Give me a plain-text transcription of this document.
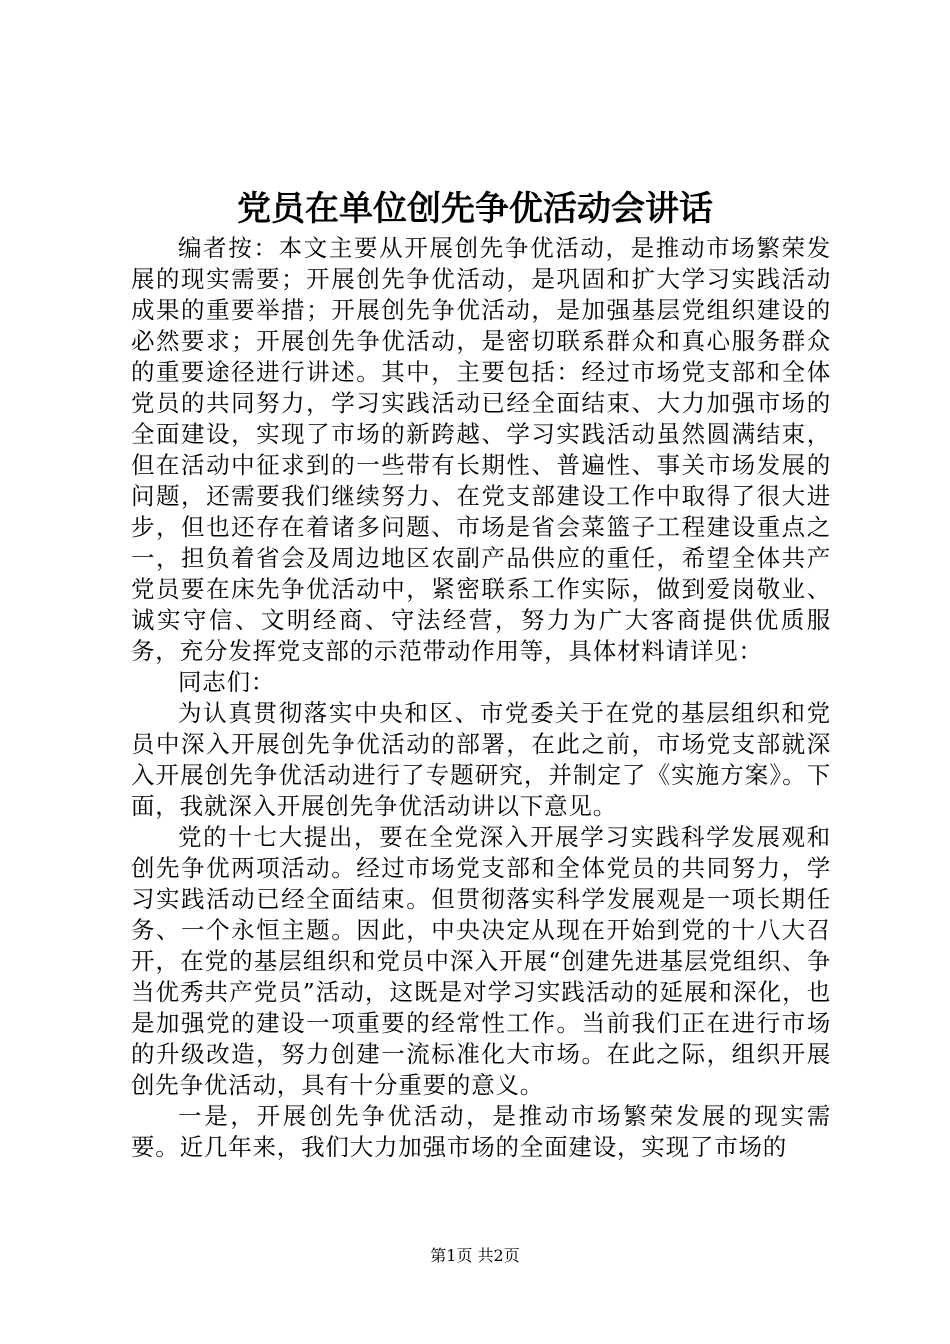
党员在单位创先争优活动会讲话

编者按：本文主要从开展创先争优活动，是推动市场繁荣发展的现实需要；开展创先争优活动，是巩固和扩大学习实践活动成果的重要举措；开展创先争优活动，是加强基层党组织建设的必然要求；开展创先争优活动，是密切联系群众和真心服务群众的重要途径进行讲述。其中，主要包括：经过市场党支部和全体党员的共同努力，学习实践活动已经全面结束、大力加强市场的全面建设，实现了市场的新跨越、学习实践活动虽然圆满结束，但在活动中征求到的一些带有长期性、普遍性、事关市场发展的问题，还需要我们继续努力、在党支部建设工作中取得了很大进步，但也还存在着诸多问题、市场是省会菜篮子工程建设重点之一，担负着省会及周边地区农副产品供应的重任，希望全体共产党员要在床先争优活动中，紧密联系工作实际，做到爱岗敬业、诚实守信、文明经商、守法经营，努力为广大客商提供优质服务，充分发挥党支部的示范带动作用等，具体材料请详见：

同志们：

为认真贯彻落实中央和区、市党委关于在党的基层组织和党员中深入开展创先争优活动的部署，在此之前，市场党支部就深入开展创先争优活动进行了专题研究，并制定了《实施方案》。下面，我就深入开展创先争优活动讲以下意见。

党的十七大提出，要在全党深入开展学习实践科学发展观和创先争优两项活动。经过市场党支部和全体党员的共同努力，学习实践活动已经全面结束。但贯彻落实科学发展观是一项长期任务、一个永恒主题。因此，中央决定从现在开始到党的十八大召开，在党的基层组织和党员中深入开展“创建先进基层党组织、争当优秀共产党员”活动，这既是对学习实践活动的延展和深化，也是加强党的建设一项重要的经常性工作。当前我们正在进行市场的升级改造，努力创建一流标准化大市场。在此之际，组织开展创先争优活动，具有十分重要的意义。

一是，开展创先争优活动，是推动市场繁荣发展的现实需要。近几年来，我们大力加强市场的全面建设，实现了市场的

第1页 共2页
